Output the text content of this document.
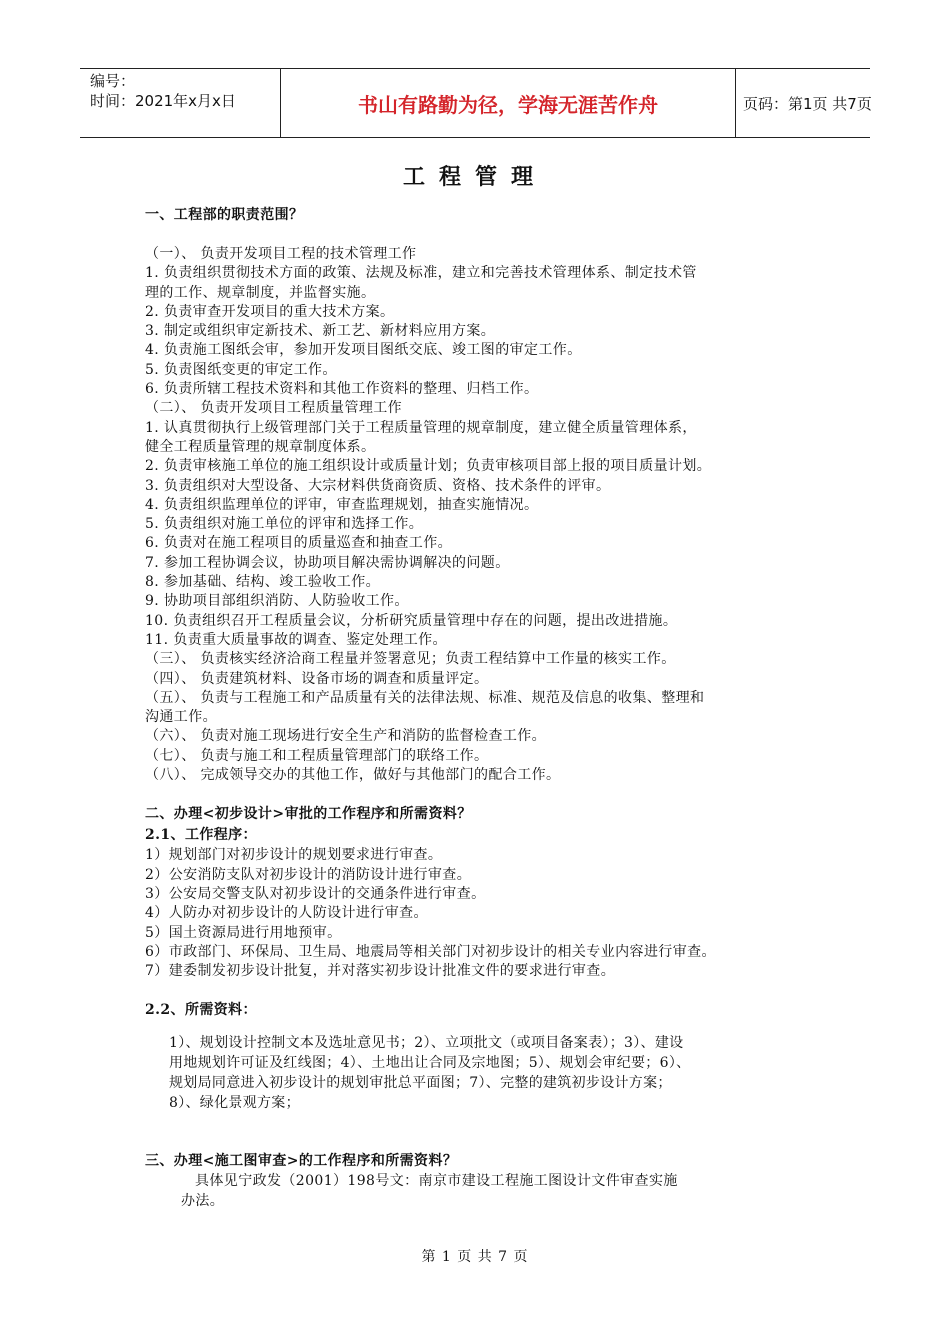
编号：
时间：2021年x月x日	书山有路勤为径，学海无涯苦作舟	页码：第1页 共7页
工程管理
一、工程部的职责范围？
（一）、 负责开发项目工程的技术管理工作
1. 负责组织贯彻技术方面的政策、法规及标准，建立和完善技术管理体系、制定技术管
理的工作、规章制度，并监督实施。
2. 负责审查开发项目的重大技术方案。
3. 制定或组织审定新技术、新工艺、新材料应用方案。
4. 负责施工图纸会审，参加开发项目图纸交底、竣工图的审定工作。
5. 负责图纸变更的审定工作。
6. 负责所辖工程技术资料和其他工作资料的整理、归档工作。
（二）、 负责开发项目工程质量管理工作
1. 认真贯彻执行上级管理部门关于工程质量管理的规章制度，建立健全质量管理体系，
健全工程质量管理的规章制度体系。
2. 负责审核施工单位的施工组织设计或质量计划；负责审核项目部上报的项目质量计划。
3. 负责组织对大型设备、大宗材料供货商资质、资格、技术条件的评审。
4. 负责组织监理单位的评审，审查监理规划，抽查实施情况。
5. 负责组织对施工单位的评审和选择工作。
6. 负责对在施工程项目的质量巡查和抽查工作。
7. 参加工程协调会议，协助项目解决需协调解决的问题。
8. 参加基础、结构、竣工验收工作。
9. 协助项目部组织消防、人防验收工作。
10. 负责组织召开工程质量会议，分析研究质量管理中存在的问题，提出改进措施。
11. 负责重大质量事故的调查、鉴定处理工作。
（三）、 负责核实经济洽商工程量并签署意见；负责工程结算中工作量的核实工作。
（四）、 负责建筑材料、设备市场的调查和质量评定。
（五）、 负责与工程施工和产品质量有关的法律法规、标准、规范及信息的收集、整理和
沟通工作。
（六）、 负责对施工现场进行安全生产和消防的监督检查工作。
（七）、 负责与施工和工程质量管理部门的联络工作。
（八）、 完成领导交办的其他工作，做好与其他部门的配合工作。
二、办理<初步设计>审批的工作程序和所需资料？
2.1、工作程序：
1）规划部门对初步设计的规划要求进行审查。
2）公安消防支队对初步设计的消防设计进行审查。
3）公安局交警支队对初步设计的交通条件进行审查。
4）人防办对初步设计的人防设计进行审查。
5）国土资源局进行用地预审。
6）市政部门、环保局、卫生局、地震局等相关部门对初步设计的相关专业内容进行审查。
7）建委制发初步设计批复，并对落实初步设计批准文件的要求进行审查。
2.2、所需资料：
1）、规划设计控制文本及选址意见书；2）、立项批文（或项目备案表）；3）、建设
用地规划许可证及红线图；4）、土地出让合同及宗地图；5）、规划会审纪要；6）、
规划局同意进入初步设计的规划审批总平面图；7）、完整的建筑初步设计方案；
8）、绿化景观方案；
三、办理<施工图审查>的工作程序和所需资料？
具体见宁政发（2001）198号文：南京市建设工程施工图设计文件审查实施
办法。
第 1 页 共 7 页
